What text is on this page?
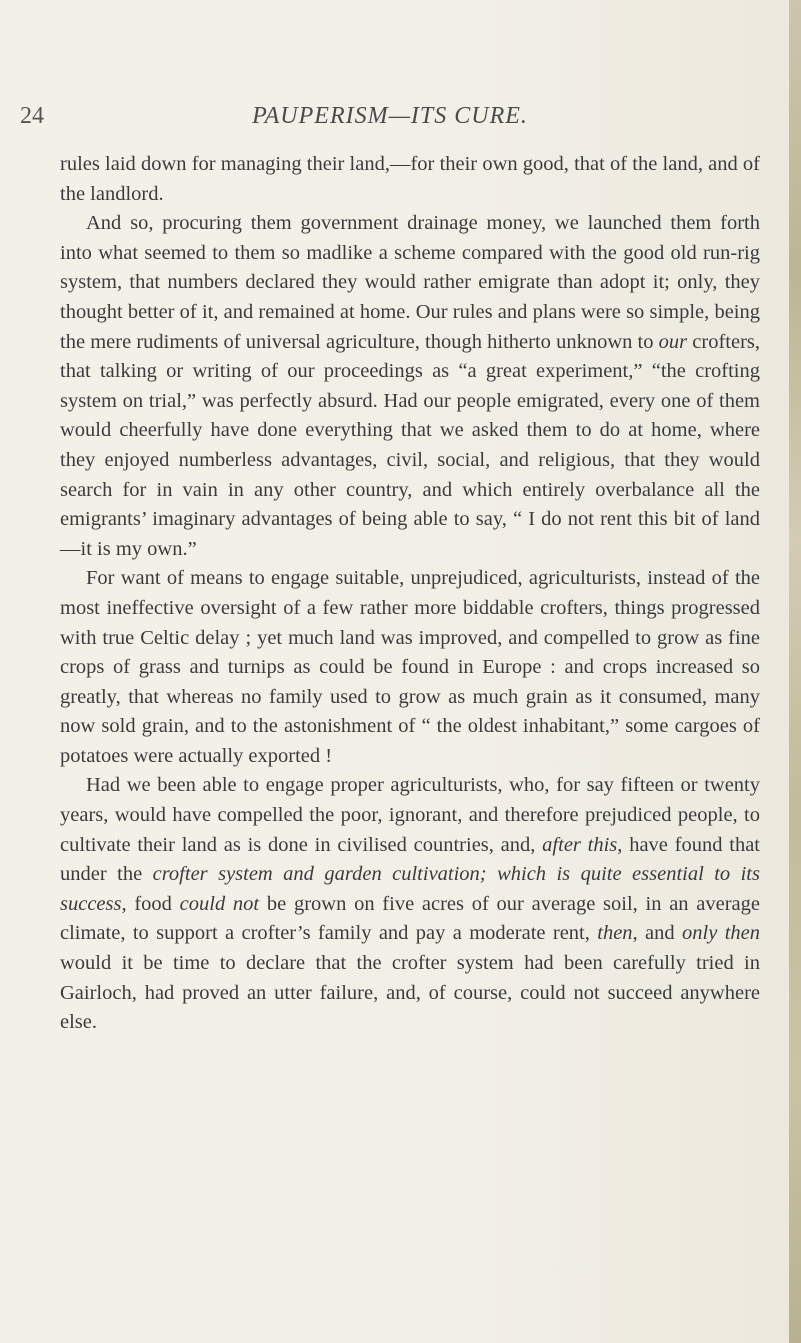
24	PAUPERISM—ITS CURE.

rules laid down for managing their land,—for their own good, that of the land, and of the landlord.

And so, procuring them government drainage money, we launched them forth into what seemed to them so madlike a scheme compared with the good old run-rig system, that numbers declared they would rather emigrate than adopt it; only, they thought better of it, and remained at home. Our rules and plans were so simple, being the mere rudiments of universal agriculture, though hitherto unknown to our crofters, that talking or writing of our proceedings as “a great experiment,” “the crofting system on trial,” was perfectly absurd. Had our people emigrated, every one of them would cheerfully have done everything that we asked them to do at home, where they enjoyed numberless advantages, civil, social, and religious, that they would search for in vain in any other country, and which entirely overbalance all the emigrants’ imaginary advantages of being able to say, “ I do not rent this bit of land—it is my own.”

For want of means to engage suitable, unprejudiced, agriculturists, instead of the most ineffective oversight of a few rather more biddable crofters, things progressed with true Celtic delay ; yet much land was improved, and compelled to grow as fine crops of grass and turnips as could be found in Europe : and crops increased so greatly, that whereas no family used to grow as much grain as it consumed, many now sold grain, and to the astonishment of “ the oldest inhabitant,” some cargoes of potatoes were actually exported !

Had we been able to engage proper agriculturists, who, for say fifteen or twenty years, would have compelled the poor, ignorant, and therefore prejudiced people, to cultivate their land as is done in civilised countries, and, after this, have found that under the crofter system and garden cultivation; which is quite essential to its success, food could not be grown on five acres of our average soil, in an average climate, to support a crofter’s family and pay a moderate rent, then, and only then would it be time to declare that the crofter system had been carefully tried in Gairloch, had proved an utter failure, and, of course, could not succeed anywhere else.
